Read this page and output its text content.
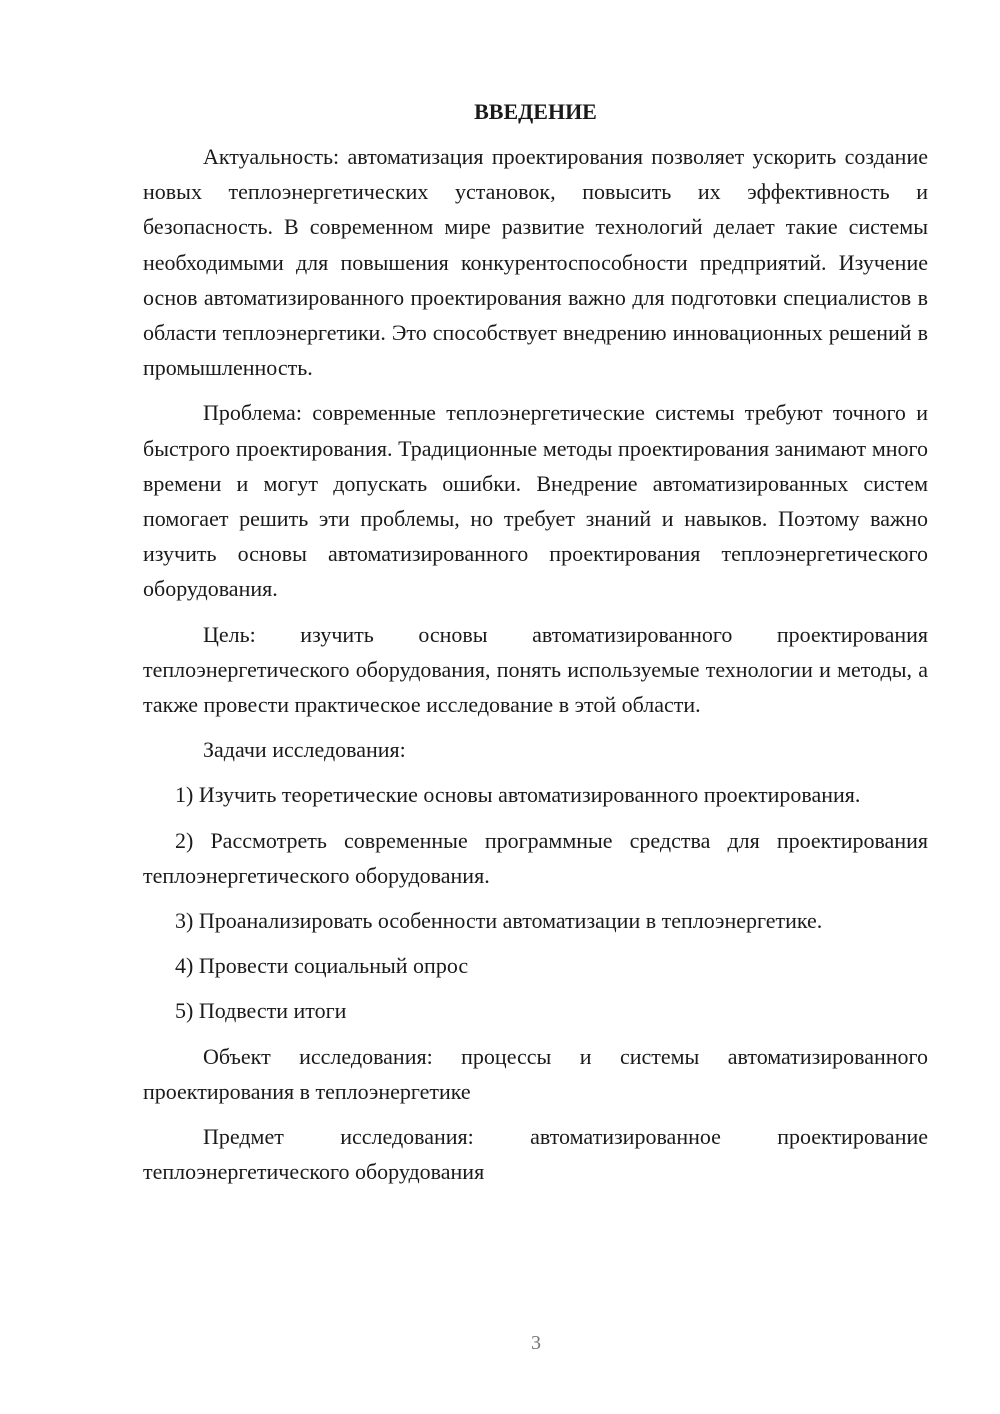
ВВЕДЕНИЕ

Актуальность: автоматизация проектирования позволяет ускорить создание новых теплоэнергетических установок, повысить их эффективность и безопасность. В современном мире развитие технологий делает такие системы необходимыми для повышения конкурентоспособности предприятий. Изучение основ автоматизированного проектирования важно для подготовки специалистов в области теплоэнергетики. Это способствует внедрению инновационных решений в промышленность.

Проблема: современные теплоэнергетические системы требуют точного и быстрого проектирования. Традиционные методы проектирования занимают много времени и могут допускать ошибки. Внедрение автоматизированных систем помогает решить эти проблемы, но требует знаний и навыков. Поэтому важно изучить основы автоматизированного проектирования теплоэнергетического оборудования.

Цель: изучить основы автоматизированного проектирования теплоэнергетического оборудования, понять используемые технологии и методы, а также провести практическое исследование в этой области.

Задачи исследования:

1) Изучить теоретические основы автоматизированного проектирования.

2) Рассмотреть современные программные средства для проектирования теплоэнергетического оборудования.

3) Проанализировать особенности автоматизации в теплоэнергетике.

4) Провести социальный опрос

5) Подвести итоги

Объект исследования: процессы и системы автоматизированного проектирования в теплоэнергетике

Предмет исследования: автоматизированное проектирование теплоэнергетического оборудования

3
